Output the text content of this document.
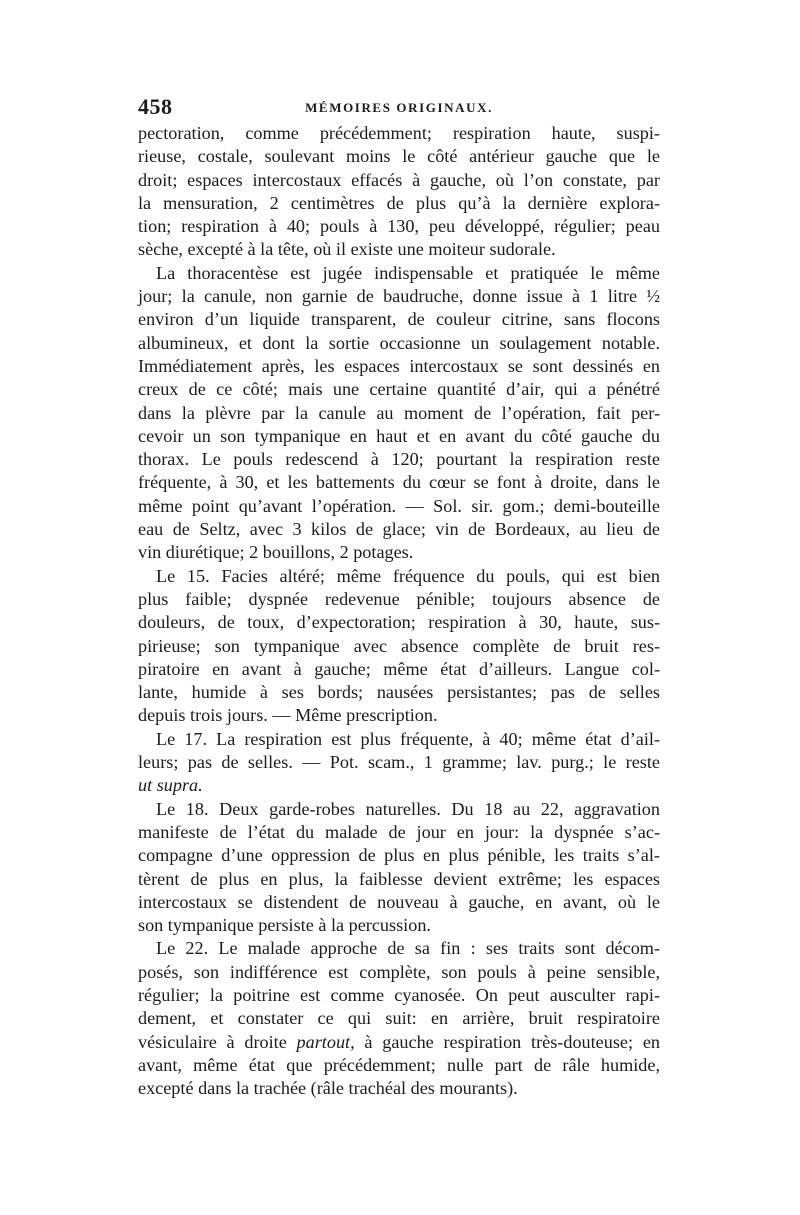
458	MÉMOIRES ORIGINAUX.
pectoration, comme précédemment; respiration haute, suspi-
rieuse, costale, soulevant moins le côté antérieur gauche que le
droit; espaces intercostaux effacés à gauche, où l’on constate, par
la mensuration, 2 centimètres de plus qu’à la dernière explora-
tion; respiration à 40; pouls à 130, peu développé, régulier; peau
sèche, excepté à la tête, où il existe une moiteur sudorale.
La thoracentèse est jugée indispensable et pratiquée le même
jour; la canule, non garnie de baudruche, donne issue à 1 litre ½
environ d’un liquide transparent, de couleur citrine, sans flocons
albumineux, et dont la sortie occasionne un soulagement notable.
Immédiatement après, les espaces intercostaux se sont dessinés en
creux de ce côté; mais une certaine quantité d’air, qui a pénétré
dans la plèvre par la canule au moment de l’opération, fait per-
cevoir un son tympanique en haut et en avant du côté gauche du
thorax. Le pouls redescend à 120; pourtant la respiration reste
fréquente, à 30, et les battements du cœur se font à droite, dans le
même point qu’avant l’opération. — Sol. sir. gom.; demi-bouteille
eau de Seltz, avec 3 kilos de glace; vin de Bordeaux, au lieu de
vin diurétique; 2 bouillons, 2 potages.
Le 15. Facies altéré; même fréquence du pouls, qui est bien
plus faible; dyspnée redevenue pénible; toujours absence de
douleurs, de toux, d’expectoration; respiration à 30, haute, sus-
pirieuse; son tympanique avec absence complète de bruit res-
piratoire en avant à gauche; même état d’ailleurs. Langue col-
lante, humide à ses bords; nausées persistantes; pas de selles
depuis trois jours. — Même prescription.
Le 17. La respiration est plus fréquente, à 40; même état d’ail-
leurs; pas de selles. — Pot. scam., 1 gramme; lav. purg.; le reste
ut supra.
Le 18. Deux garde-robes naturelles. Du 18 au 22, aggravation
manifeste de l’état du malade de jour en jour: la dyspnée s’ac-
compagne d’une oppression de plus en plus pénible, les traits s’al-
tèrent de plus en plus, la faiblesse devient extrême; les espaces
intercostaux se distendent de nouveau à gauche, en avant, où le
son tympanique persiste à la percussion.
Le 22. Le malade approche de sa fin : ses traits sont décom-
posés, son indifférence est complète, son pouls à peine sensible,
régulier; la poitrine est comme cyanosée. On peut ausculter rapi-
dement, et constater ce qui suit: en arrière, bruit respiratoire
vésiculaire à droite partout, à gauche respiration très-douteuse; en
avant, même état que précédemment; nulle part de râle humide,
excepté dans la trachée (râle trachéal des mourants).
